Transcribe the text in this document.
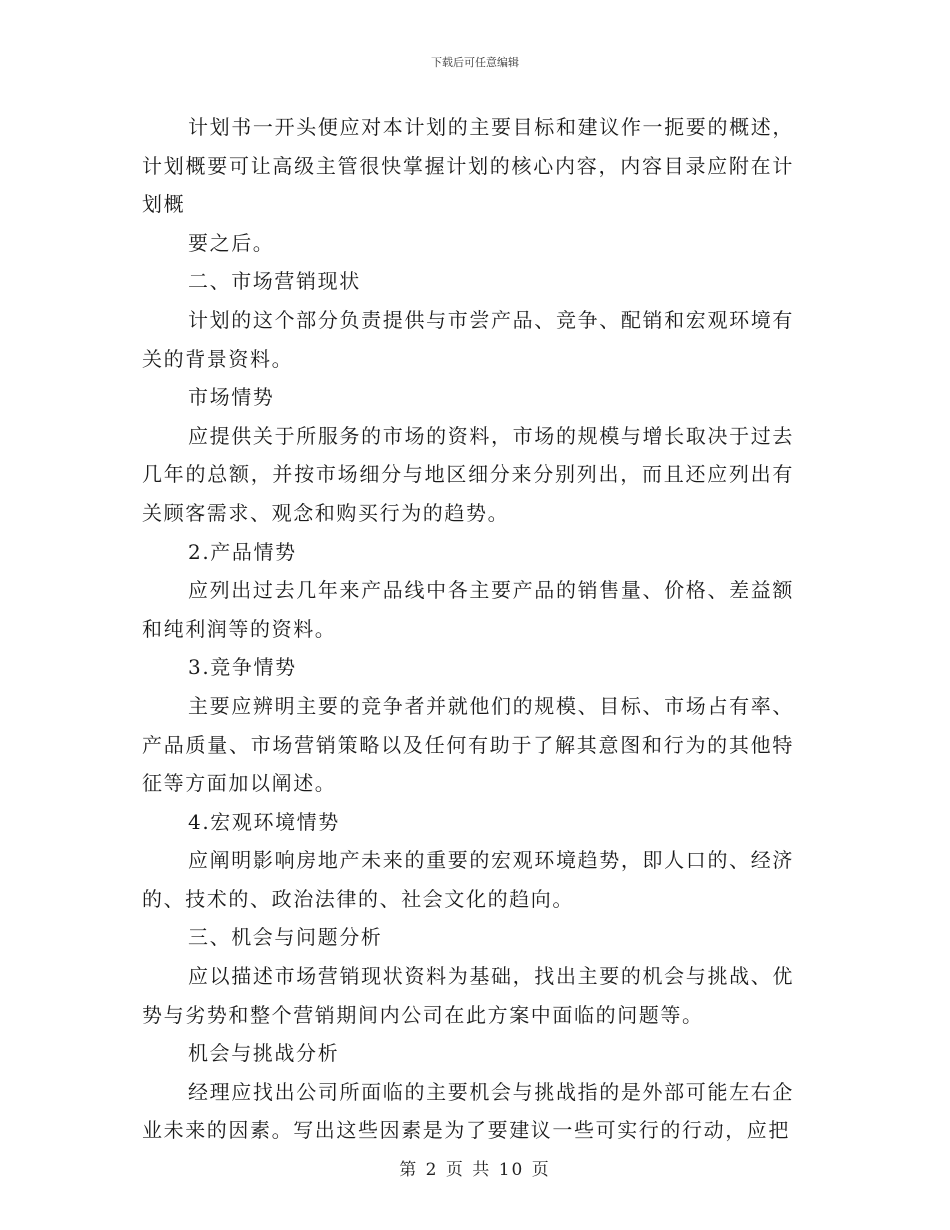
下载后可任意编辑

计划书一开头便应对本计划的主要目标和建议作一扼要的概述，计划概要可让高级主管很快掌握计划的核心内容，内容目录应附在计划概

要之后。

二、市场营销现状

计划的这个部分负责提供与市尝产品、竞争、配销和宏观环境有关的背景资料。

市场情势

应提供关于所服务的市场的资料，市场的规模与增长取决于过去几年的总额，并按市场细分与地区细分来分别列出，而且还应列出有关顾客需求、观念和购买行为的趋势。

2.产品情势

应列出过去几年来产品线中各主要产品的销售量、价格、差益额和纯利润等的资料。

3.竞争情势

主要应辨明主要的竞争者并就他们的规模、目标、市场占有率、产品质量、市场营销策略以及任何有助于了解其意图和行为的其他特征等方面加以阐述。

4.宏观环境情势

应阐明影响房地产未来的重要的宏观环境趋势，即人口的、经济的、技术的、政治法律的、社会文化的趋向。

三、机会与问题分析

应以描述市场营销现状资料为基础，找出主要的机会与挑战、优势与劣势和整个营销期间内公司在此方案中面临的问题等。

机会与挑战分析

经理应找出公司所面临的主要机会与挑战指的是外部可能左右企业未来的因素。写出这些因素是为了要建议一些可实行的行动，应把

第 2 页 共 10 页
